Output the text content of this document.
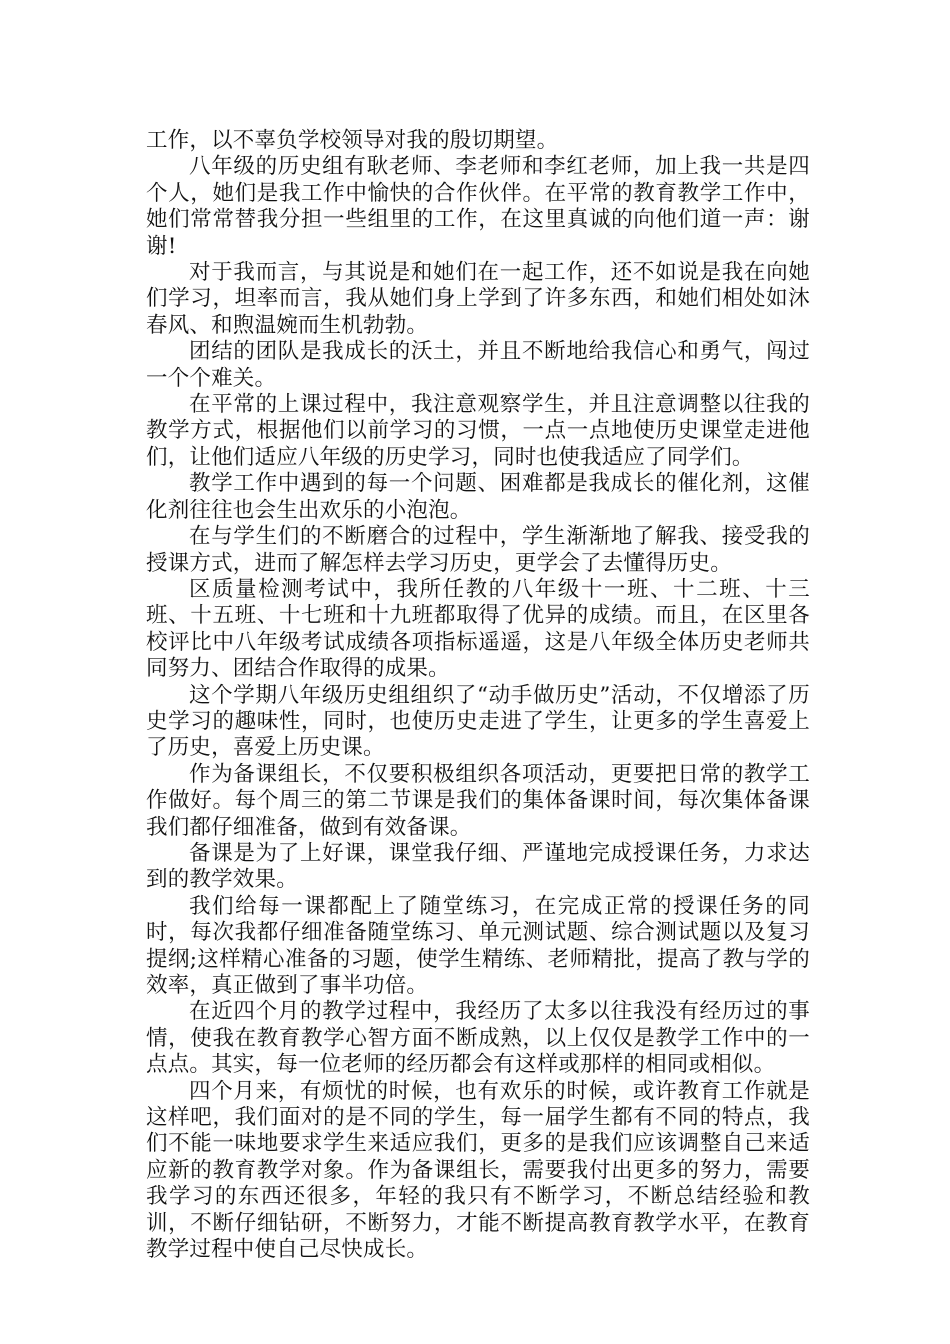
工作，以不辜负学校领导对我的殷切期望。

八年级的历史组有耿老师、李老师和李红老师，加上我一共是四个人，她们是我工作中愉快的合作伙伴。在平常的教育教学工作中，她们常常替我分担一些组里的工作，在这里真诚的向他们道一声：谢谢!

对于我而言，与其说是和她们在一起工作，还不如说是我在向她们学习，坦率而言，我从她们身上学到了许多东西，和她们相处如沐春风、和煦温婉而生机勃勃。

团结的团队是我成长的沃土，并且不断地给我信心和勇气，闯过一个个难关。

在平常的上课过程中，我注意观察学生，并且注意调整以往我的教学方式，根据他们以前学习的习惯，一点一点地使历史课堂走进他们，让他们适应八年级的历史学习，同时也使我适应了同学们。

教学工作中遇到的每一个问题、困难都是我成长的催化剂，这催化剂往往也会生出欢乐的小泡泡。

在与学生们的不断磨合的过程中，学生渐渐地了解我、接受我的授课方式，进而了解怎样去学习历史，更学会了去懂得历史。

区质量检测考试中，我所任教的八年级十一班、十二班、十三班、十五班、十七班和十九班都取得了优异的成绩。而且，在区里各校评比中八年级考试成绩各项指标遥遥，这是八年级全体历史老师共同努力、团结合作取得的成果。

这个学期八年级历史组组织了“动手做历史”活动，不仅增添了历史学习的趣味性，同时，也使历史走进了学生，让更多的学生喜爱上了历史，喜爱上历史课。

作为备课组长，不仅要积极组织各项活动，更要把日常的教学工作做好。每个周三的第二节课是我们的集体备课时间，每次集体备课我们都仔细准备，做到有效备课。

备课是为了上好课，课堂我仔细、严谨地完成授课任务，力求达到的教学效果。

我们给每一课都配上了随堂练习，在完成正常的授课任务的同时，每次我都仔细准备随堂练习、单元测试题、综合测试题以及复习提纲;这样精心准备的习题，使学生精练、老师精批，提高了教与学的效率，真正做到了事半功倍。

在近四个月的教学过程中，我经历了太多以往我没有经历过的事情，使我在教育教学心智方面不断成熟，以上仅仅是教学工作中的一点点。其实，每一位老师的经历都会有这样或那样的相同或相似。

四个月来，有烦忧的时候，也有欢乐的时候，或许教育工作就是这样吧，我们面对的是不同的学生，每一届学生都有不同的特点，我们不能一味地要求学生来适应我们，更多的是我们应该调整自己来适应新的教育教学对象。作为备课组长，需要我付出更多的努力，需要我学习的东西还很多，年轻的我只有不断学习，不断总结经验和教训，不断仔细钻研，不断努力，才能不断提高教育教学水平，在教育教学过程中使自己尽快成长。
